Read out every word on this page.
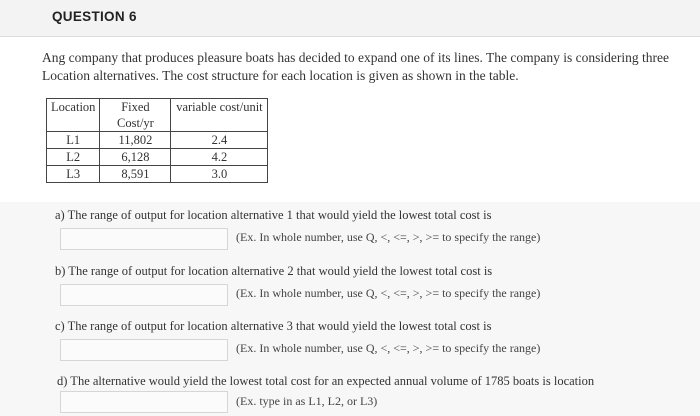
QUESTION 6
Ang company that produces pleasure boats has decided to expand one of its lines. The company is considering three Location alternatives. The cost structure for each location is given as shown in the table.
Location	Fixed Cost/yr	variable cost/unit
L1	11,802	2.4
L2	6,128	4.2
L3	8,591	3.0
a) The range of output for location alternative 1 that would yield the lowest total cost is
(Ex. In whole number, use Q, <, <=, >, >= to specify the range)
b) The range of output for location alternative 2 that would yield the lowest total cost is
(Ex. In whole number, use Q, <, <=, >, >= to specify the range)
c) The range of output for location alternative 3 that would yield the lowest total cost is
(Ex. In whole number, use Q, <, <=, >, >= to specify the range)
d) The alternative would yield the lowest total cost for an expected annual volume of 1785 boats is location
(Ex. type in as L1, L2, or L3)
